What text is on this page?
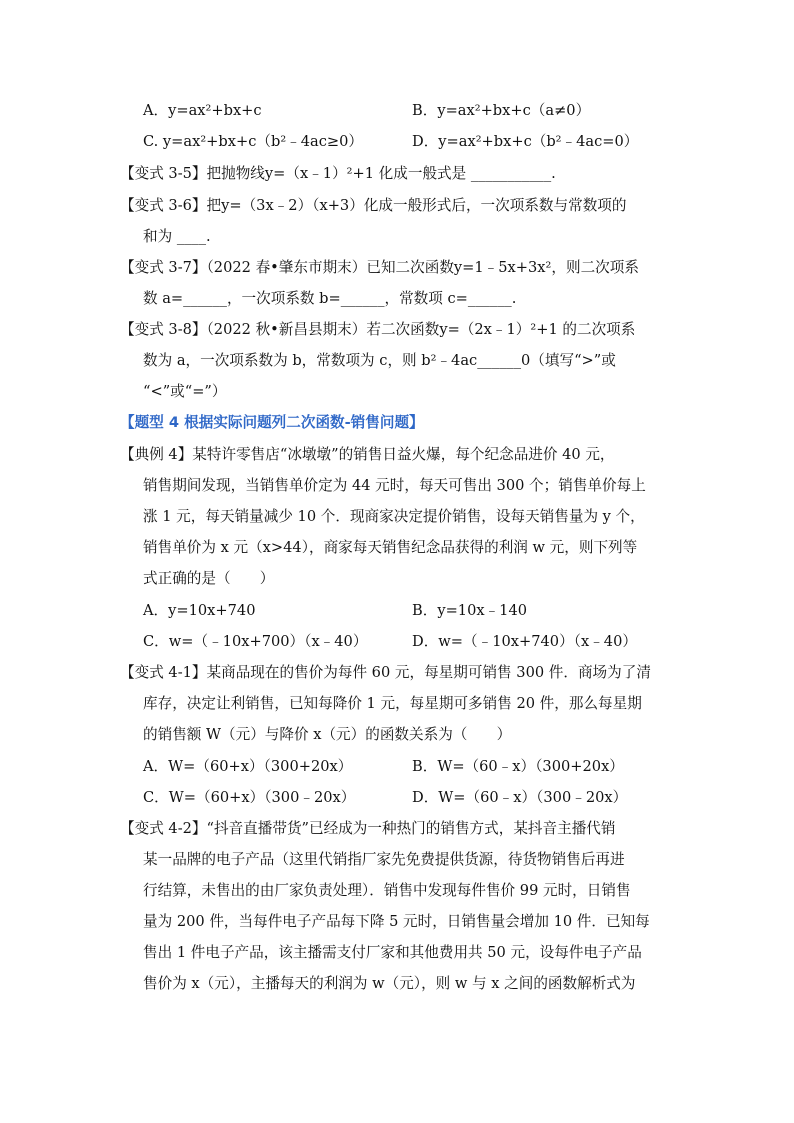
A．y=ax²+bx+c	B．y=ax²+bx+c（a≠0）
C. y=ax²+bx+c（b²﹣4ac≥0）	D．y=ax²+bx+c（b²﹣4ac=0）
【变式 3-5】把抛物线y=（x﹣1）²+1 化成一般式是 ___________.
【变式 3-6】把y=（3x﹣2）（x+3）化成一般形式后，一次项系数与常数项的
和为 ____.
【变式 3-7】（2022 春•肇东市期末）已知二次函数y=1﹣5x+3x²，则二次项系
数 a=______，一次项系数 b=______，常数项 c=______.
【变式 3-8】（2022 秋•新昌县期末）若二次函数y=（2x﹣1）²+1 的二次项系
数为 a，一次项系数为 b，常数项为 c，则 b²﹣4ac______0（填写“>”或
“<”或“=”）
【题型 4 根据实际问题列二次函数-销售问题】
【典例 4】某特许零售店“冰墩墩”的销售日益火爆，每个纪念品进价 40 元，
销售期间发现，当销售单价定为 44 元时，每天可售出 300 个；销售单价每上
涨 1 元，每天销量减少 10 个．现商家决定提价销售，设每天销售量为 y 个，
销售单价为 x 元（x>44），商家每天销售纪念品获得的利润 w 元，则下列等
式正确的是（　　）
A．y=10x+740	B．y=10x﹣140
C．w=（﹣10x+700）（x﹣40）	D．w=（﹣10x+740）（x﹣40）
【变式 4-1】某商品现在的售价为每件 60 元，每星期可销售 300 件．商场为了清
库存，决定让利销售，已知每降价 1 元，每星期可多销售 20 件，那么每星期
的销售额 W（元）与降价 x（元）的函数关系为（　　）
A．W=（60+x）（300+20x）	B．W=（60﹣x）（300+20x）
C．W=（60+x）（300﹣20x）	D．W=（60﹣x）（300﹣20x）
【变式 4-2】“抖音直播带货”已经成为一种热门的销售方式，某抖音主播代销
某一品牌的电子产品（这里代销指厂家先免费提供货源，待货物销售后再进
行结算，未售出的由厂家负责处理）．销售中发现每件售价 99 元时，日销售
量为 200 件，当每件电子产品每下降 5 元时，日销售量会增加 10 件．已知每
售出 1 件电子产品，该主播需支付厂家和其他费用共 50 元，设每件电子产品
售价为 x（元），主播每天的利润为 w（元），则 w 与 x 之间的函数解析式为
